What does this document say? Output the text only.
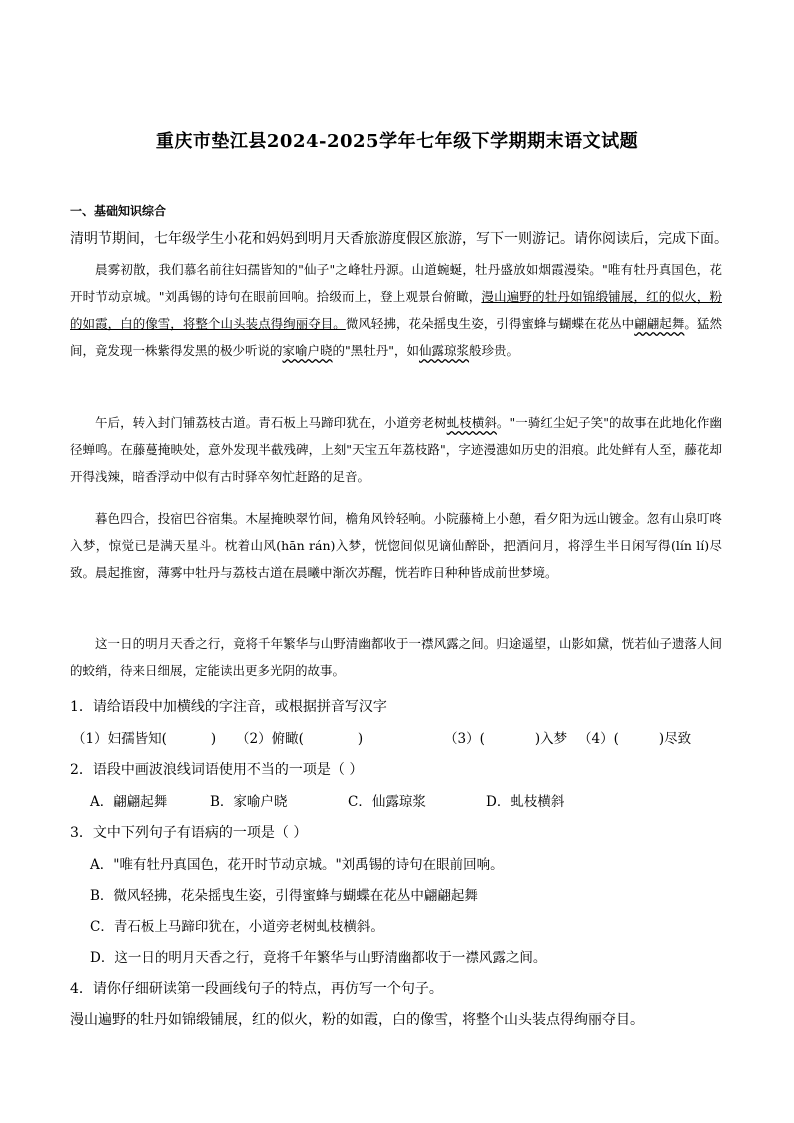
重庆市垫江县2024-2025学年七年级下学期期末语文试题
一、基础知识综合
清明节期间，七年级学生小花和妈妈到明月天香旅游度假区旅游，写下一则游记。请你阅读后，完成下面。

晨雾初散，我们慕名前往妇孺皆知的"仙子"之峰牡丹源。山道蜿蜒，牡丹盛放如烟霞漫染。"唯有牡丹真国色，花开时节动京城。"刘禹锡的诗句在眼前回响。拾级而上，登上观景台俯瞰，漫山遍野的牡丹如锦缎铺展，红的似火，粉的如霞，白的像雪，将整个山头装点得绚丽夺目。微风轻拂，花朵摇曳生姿，引得蜜蜂与蝴蝶在花丛中翩翩起舞。猛然间，竟发现一株紫得发黑的极少听说的家喻户晓的"黑牡丹"，如仙露琼浆般珍贵。

午后，转入封门铺荔枝古道。青石板上马蹄印犹在，小道旁老树虬枝横斜。"一骑红尘妃子笑"的故事在此地化作幽径蝉鸣。在藤蔓掩映处，意外发现半截残碑，上刻"天宝五年荔枝路"，字迹漫漶如历史的泪痕。此处鲜有人至，藤花却开得浅辣，暗香浮动中似有古时驿卒匆忙赶路的足音。

暮色四合，投宿巴谷宿集。木屋掩映翠竹间，檐角风铃轻响。小院藤椅上小憩，看夕阳为远山镀金。忽有山泉叮咚入梦，惊觉已是满天星斗。枕着山风(hān rán)入梦，恍惚间似见谪仙醉卧，把酒问月，将浮生半日闲写得(lín lí)尽致。晨起推窗，薄雾中牡丹与荔枝古道在晨曦中渐次苏醒，恍若昨日种种皆成前世梦境。

这一日的明月天香之行，竟将千年繁华与山野清幽都收于一襟风露之间。归途遥望，山影如黛，恍若仙子遗落人间的蛟绡，待来日细展，定能读出更多光阴的故事。

1．请给语段中加横线的字注音，或根据拼音写汉字
（1）妇孺皆知(	) （2）俯瞰(	)	（3）(	)入梦 （4）(	)尽致
2．语段中画波浪线词语使用不当的一项是（ ）
A．翩翩起舞	B．家喻户晓	C．仙露琼浆	D．虬枝横斜
3．文中下列句子有语病的一项是（ ）
A．"唯有牡丹真国色，花开时节动京城。"刘禹锡的诗句在眼前回响。
B．微风轻拂，花朵摇曳生姿，引得蜜蜂与蝴蝶在花丛中翩翩起舞
C．青石板上马蹄印犹在，小道旁老树虬枝横斜。
D．这一日的明月天香之行，竟将千年繁华与山野清幽都收于一襟风露之间。
4．请你仔细研读第一段画线句子的特点，再仿写一个句子。
漫山遍野的牡丹如锦缎铺展，红的似火，粉的如霞，白的像雪，将整个山头装点得绚丽夺目。
